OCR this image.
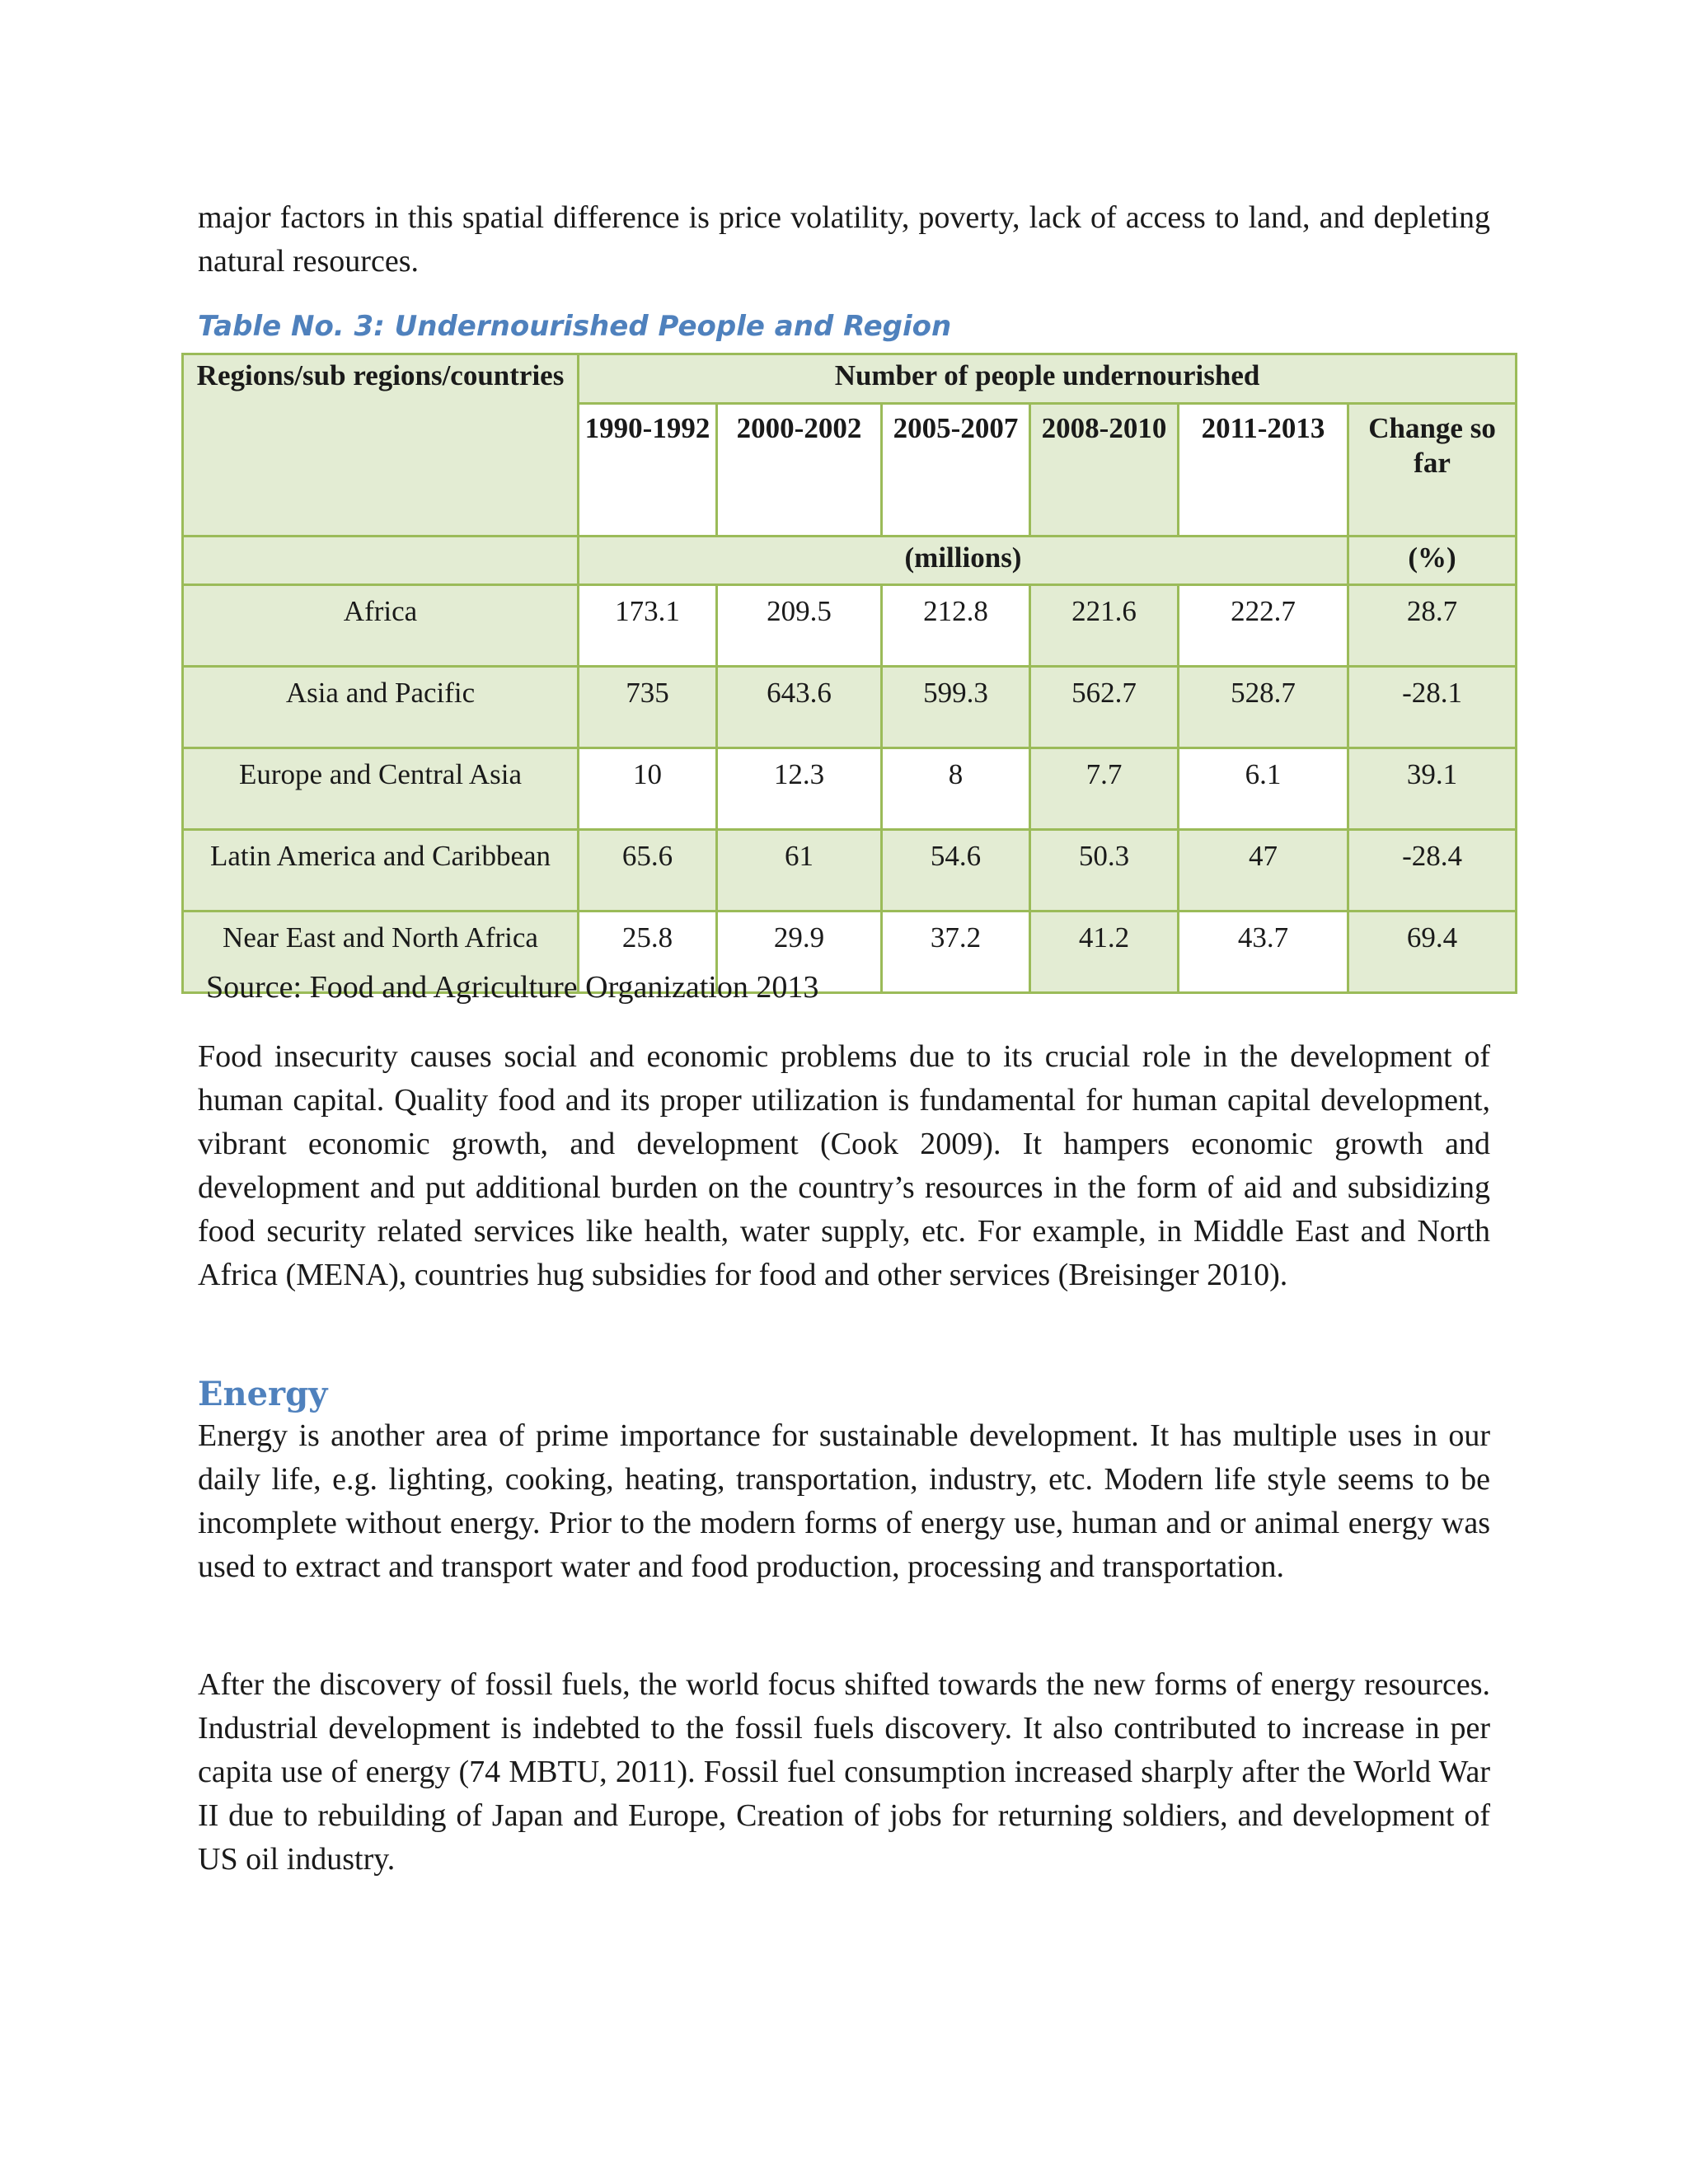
major factors in this spatial difference is price volatility, poverty, lack of access to land, and depleting natural resources.

Table No. 3: Undernourished People and Region

Regions/sub regions/countries	Number of people undernourished					
	1990-1992	2000-2002	2005-2007	2008-2010	2011-2013	Change so far
	(millions)					(%)
Africa	173.1	209.5	212.8	221.6	222.7	28.7
Asia and Pacific	735	643.6	599.3	562.7	528.7	-28.1
Europe and Central Asia	10	12.3	8	7.7	6.1	39.1
Latin America and Caribbean	65.6	61	54.6	50.3	47	-28.4
Near East and North Africa	25.8	29.9	37.2	41.2	43.7	69.4

Source: Food and Agriculture Organization 2013

Food insecurity causes social and economic problems due to its crucial role in the development of human capital. Quality food and its proper utilization is fundamental for human capital development, vibrant economic growth, and development (Cook 2009). It hampers economic growth and development and put additional burden on the country’s resources in the form of aid and subsidizing food security related services like health, water supply, etc. For example, in Middle East and North Africa (MENA), countries hug subsidies for food and other services (Breisinger 2010).

Energy

Energy is another area of prime importance for sustainable development. It has multiple uses in our daily life, e.g. lighting, cooking, heating, transportation, industry, etc. Modern life style seems to be incomplete without energy. Prior to the modern forms of energy use, human and or animal energy was used to extract and transport water and food production, processing and transportation.

After the discovery of fossil fuels, the world focus shifted towards the new forms of energy resources. Industrial development is indebted to the fossil fuels discovery. It also contributed to increase in per capita use of energy (74 MBTU, 2011). Fossil fuel consumption increased sharply after the World War II due to rebuilding of Japan and Europe, Creation of jobs for returning soldiers, and development of US oil industry.
